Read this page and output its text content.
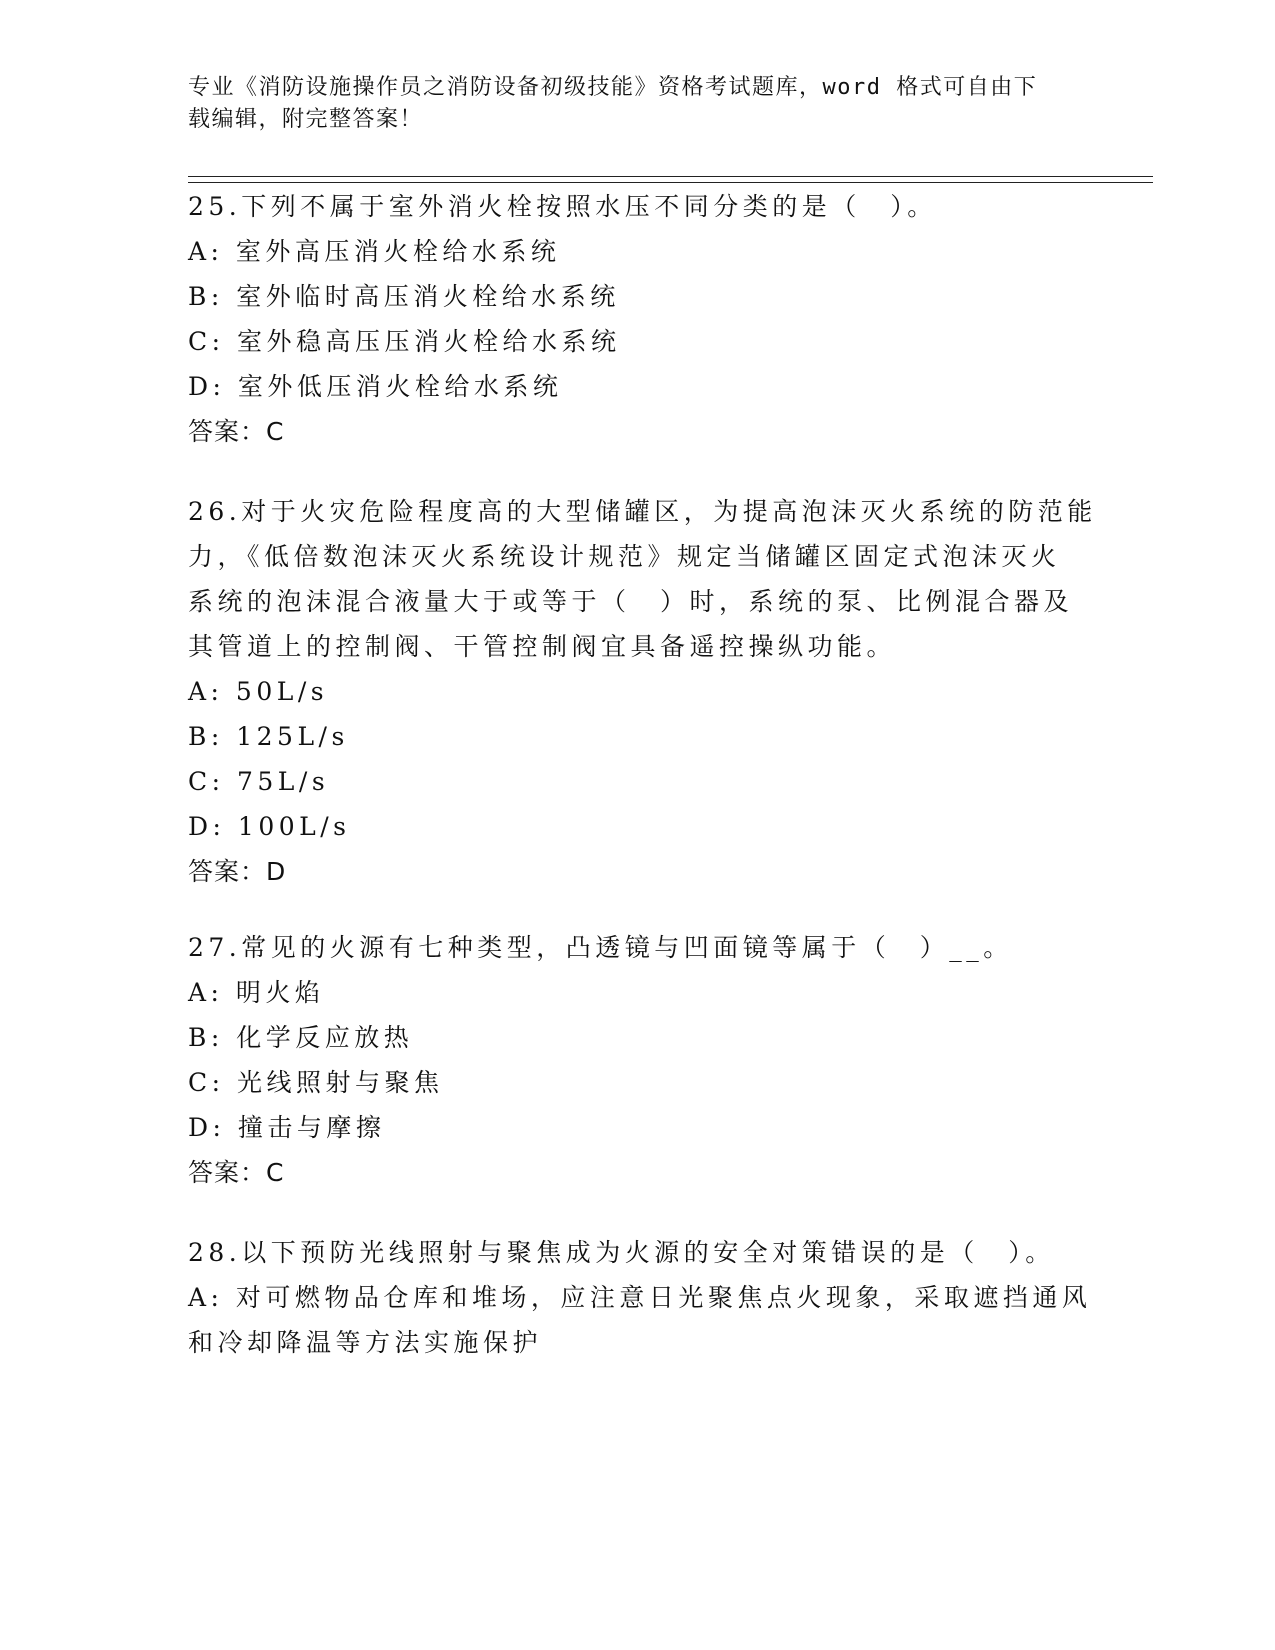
专业《消防设施操作员之消防设备初级技能》资格考试题库，word 格式可自由下
载编辑，附完整答案！
25.下列不属于室外消火栓按照水压不同分类的是（　）。
A: 室外高压消火栓给水系统
B: 室外临时高压消火栓给水系统
C: 室外稳高压压消火栓给水系统
D: 室外低压消火栓给水系统
答案：C
26.对于火灾危险程度高的大型储罐区，为提高泡沫灭火系统的防范能
力，《低倍数泡沫灭火系统设计规范》规定当储罐区固定式泡沫灭火
系统的泡沫混合液量大于或等于（　）时，系统的泵、比例混合器及
其管道上的控制阀、干管控制阀宜具备遥控操纵功能。
A: 50L/s
B: 125L/s
C: 75L/s
D: 100L/s
答案：D
27.常见的火源有七种类型，凸透镜与凹面镜等属于（　）__。
A: 明火焰
B: 化学反应放热
C: 光线照射与聚焦
D: 撞击与摩擦
答案：C
28.以下预防光线照射与聚焦成为火源的安全对策错误的是（　）。
A: 对可燃物品仓库和堆场，应注意日光聚焦点火现象，采取遮挡通风
和冷却降温等方法实施保护
